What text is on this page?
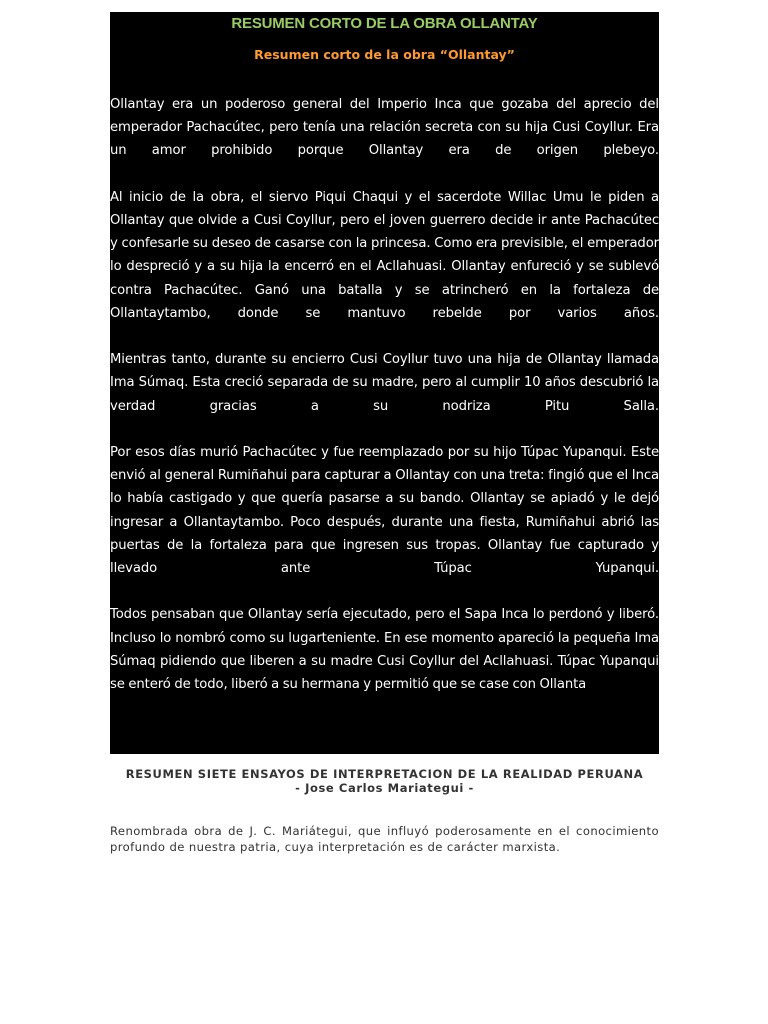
RESUMEN CORTO DE LA OBRA OLLANTAY
Resumen corto de la obra “Ollantay”

Ollantay era un poderoso general del Imperio Inca que gozaba del aprecio del emperador Pachacútec, pero tenía una relación secreta con su hija Cusi Coyllur. Era un amor prohibido porque Ollantay era de origen plebeyo.

Al inicio de la obra, el siervo Piqui Chaqui y el sacerdote Willac Umu le piden a Ollantay que olvide a Cusi Coyllur, pero el joven guerrero decide ir ante Pachacútec y confesarle su deseo de casarse con la princesa. Como era previsible, el emperador lo despreció y a su hija la encerró en el Acllahuasi. Ollantay enfureció y se sublevó contra Pachacútec. Ganó una batalla y se atrincheró en la fortaleza de Ollantaytambo, donde se mantuvo rebelde por varios años.

Mientras tanto, durante su encierro Cusi Coyllur tuvo una hija de Ollantay llamada Ima Súmaq. Esta creció separada de su madre, pero al cumplir 10 años descubrió la verdad gracias a su nodriza Pitu Salla.

Por esos días murió Pachacútec y fue reemplazado por su hijo Túpac Yupanqui. Este envió al general Rumiñahui para capturar a Ollantay con una treta: fingió que el Inca lo había castigado y que quería pasarse a su bando. Ollantay se apiadó y le dejó ingresar a Ollantaytambo. Poco después, durante una fiesta, Rumiñahui abrió las puertas de la fortaleza para que ingresen sus tropas. Ollantay fue capturado y llevado ante Túpac Yupanqui.

Todos pensaban que Ollantay sería ejecutado, pero el Sapa Inca lo perdonó y liberó. Incluso lo nombró como su lugarteniente. En ese momento apareció la pequeña Ima Súmaq pidiendo que liberen a su madre Cusi Coyllur del Acllahuasi. Túpac Yupanqui se enteró de todo, liberó a su hermana y permitió que se case con Ollanta

RESUMEN SIETE ENSAYOS DE INTERPRETACION DE LA REALIDAD PERUANA

- Jose Carlos Mariategui -

Renombrada obra de J. C. Mariátegui, que influyó poderosamente en el conocimiento profundo de nuestra patria, cuya interpretación es de carácter marxista.
